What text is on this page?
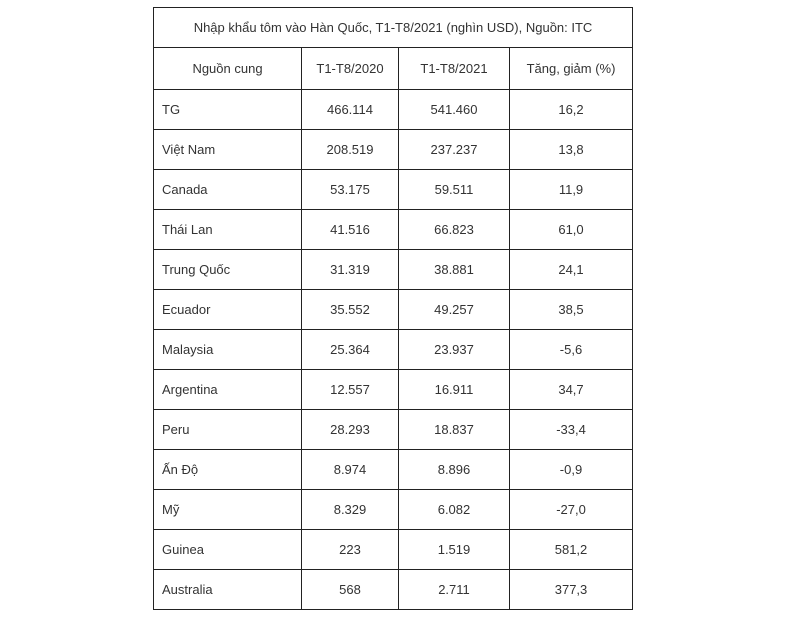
Nhập khẩu tôm vào Hàn Quốc, T1-T8/2021 (nghìn USD), Nguồn: ITC			
Nguồn cung	T1-T8/2020	T1-T8/2021	Tăng, giảm (%)
TG	466.114	541.460	16,2
Việt Nam	208.519	237.237	13,8
Canada	53.175	59.511	11,9
Thái Lan	41.516	66.823	61,0
Trung Quốc	31.319	38.881	24,1
Ecuador	35.552	49.257	38,5
Malaysia	25.364	23.937	-5,6
Argentina	12.557	16.911	34,7
Peru	28.293	18.837	-33,4
Ấn Độ	8.974	8.896	-0,9
Mỹ	8.329	6.082	-27,0
Guinea	223	1.519	581,2
Australia	568	2.711	377,3
